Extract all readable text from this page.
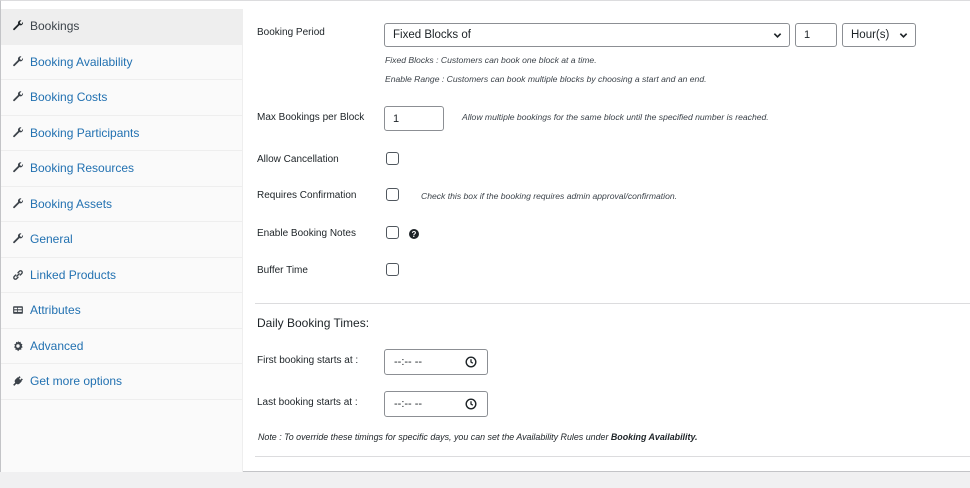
Bookings
Booking Availability
Booking Costs
Booking Participants
Booking Resources
Booking Assets
General
Linked Products
Attributes
Advanced
Get more options
Booking Period	Fixed Blocks of	1	Hour(s)
Fixed Blocks : Customers can book one block at a time.
Enable Range : Customers can book multiple blocks by choosing a start and an end.
Max Bookings per Block	1	Allow multiple bookings for the same block until the specified number is reached.
Allow Cancellation
Requires Confirmation	Check this box if the booking requires admin approval/confirmation.
Enable Booking Notes	?
Buffer Time
Daily Booking Times:
First booking starts at :	--:-- --
Last booking starts at :	--:-- --
Note : To override these timings for specific days, you can set the Availability Rules under Booking Availability.
